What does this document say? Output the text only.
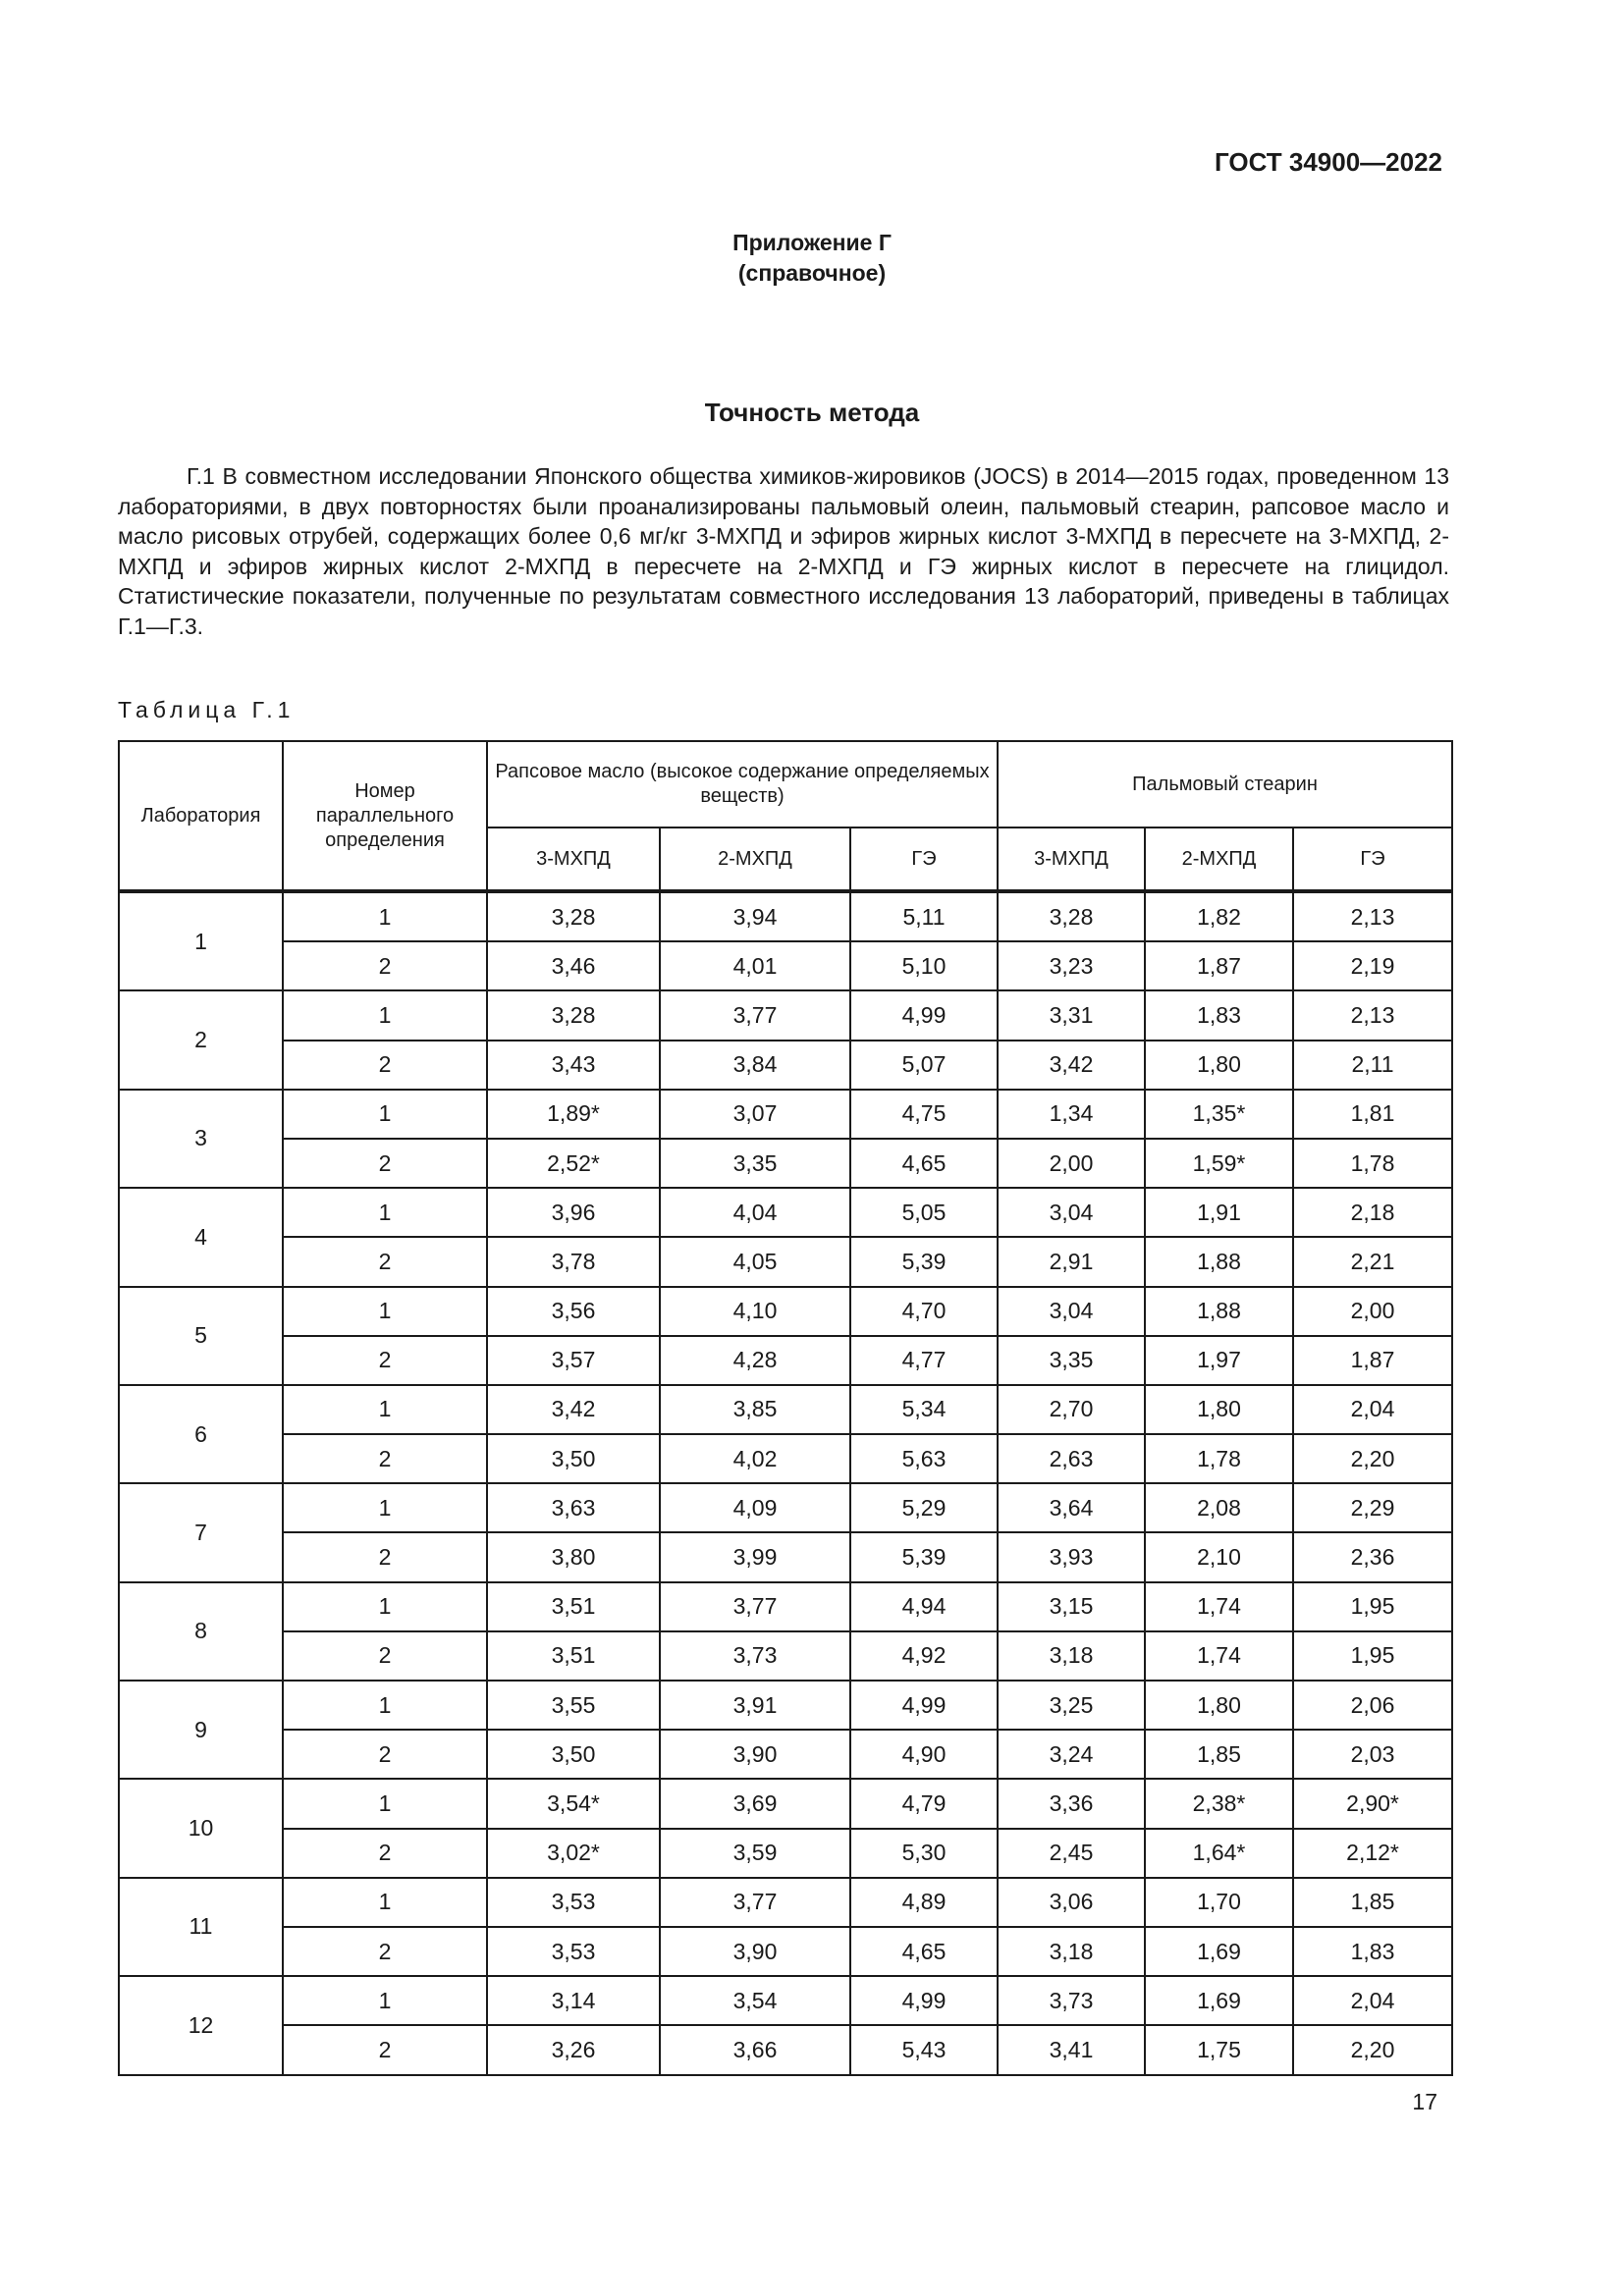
ГОСТ 34900—2022
Приложение Г
(справочное)
Точность метода

Г.1 В совместном исследовании Японского общества химиков-жировиков (JOCS) в 2014—2015 годах, проведенном 13 лабораториями, в двух повторностях были проанализированы пальмовый олеин, пальмовый стеарин, рапсовое масло и масло рисовых отрубей, содержащих более 0,6 мг/кг 3-МХПД и эфиров жирных кислот 3-МХПД в пересчете на 3-МХПД, 2-МХПД и эфиров жирных кислот 2-МХПД в пересчете на 2-МХПД и ГЭ жирных кислот в пересчете на глицидол. Статистические показатели, полученные по результатам совместного исследования 13 лабораторий, приведены в таблицах Г.1—Г.3.

Таблица Г.1
Лаборатория	Номер параллельного определения	Рапсовое масло (высокое содержание определяемых веществ)			Пальмовый стеарин		
		3-МХПД	2-МХПД	ГЭ	3-МХПД	2-МХПД	ГЭ
1	1	3,28	3,94	5,11	3,28	1,82	2,13
	2	3,46	4,01	5,10	3,23	1,87	2,19
2	1	3,28	3,77	4,99	3,31	1,83	2,13
	2	3,43	3,84	5,07	3,42	1,80	2,11
3	1	1,89*	3,07	4,75	1,34	1,35*	1,81
	2	2,52*	3,35	4,65	2,00	1,59*	1,78
4	1	3,96	4,04	5,05	3,04	1,91	2,18
	2	3,78	4,05	5,39	2,91	1,88	2,21
5	1	3,56	4,10	4,70	3,04	1,88	2,00
	2	3,57	4,28	4,77	3,35	1,97	1,87
6	1	3,42	3,85	5,34	2,70	1,80	2,04
	2	3,50	4,02	5,63	2,63	1,78	2,20
7	1	3,63	4,09	5,29	3,64	2,08	2,29
	2	3,80	3,99	5,39	3,93	2,10	2,36
8	1	3,51	3,77	4,94	3,15	1,74	1,95
	2	3,51	3,73	4,92	3,18	1,74	1,95
9	1	3,55	3,91	4,99	3,25	1,80	2,06
	2	3,50	3,90	4,90	3,24	1,85	2,03
10	1	3,54*	3,69	4,79	3,36	2,38*	2,90*
	2	3,02*	3,59	5,30	2,45	1,64*	2,12*
11	1	3,53	3,77	4,89	3,06	1,70	1,85
	2	3,53	3,90	4,65	3,18	1,69	1,83
12	1	3,14	3,54	4,99	3,73	1,69	2,04
	2	3,26	3,66	5,43	3,41	1,75	2,20
17
